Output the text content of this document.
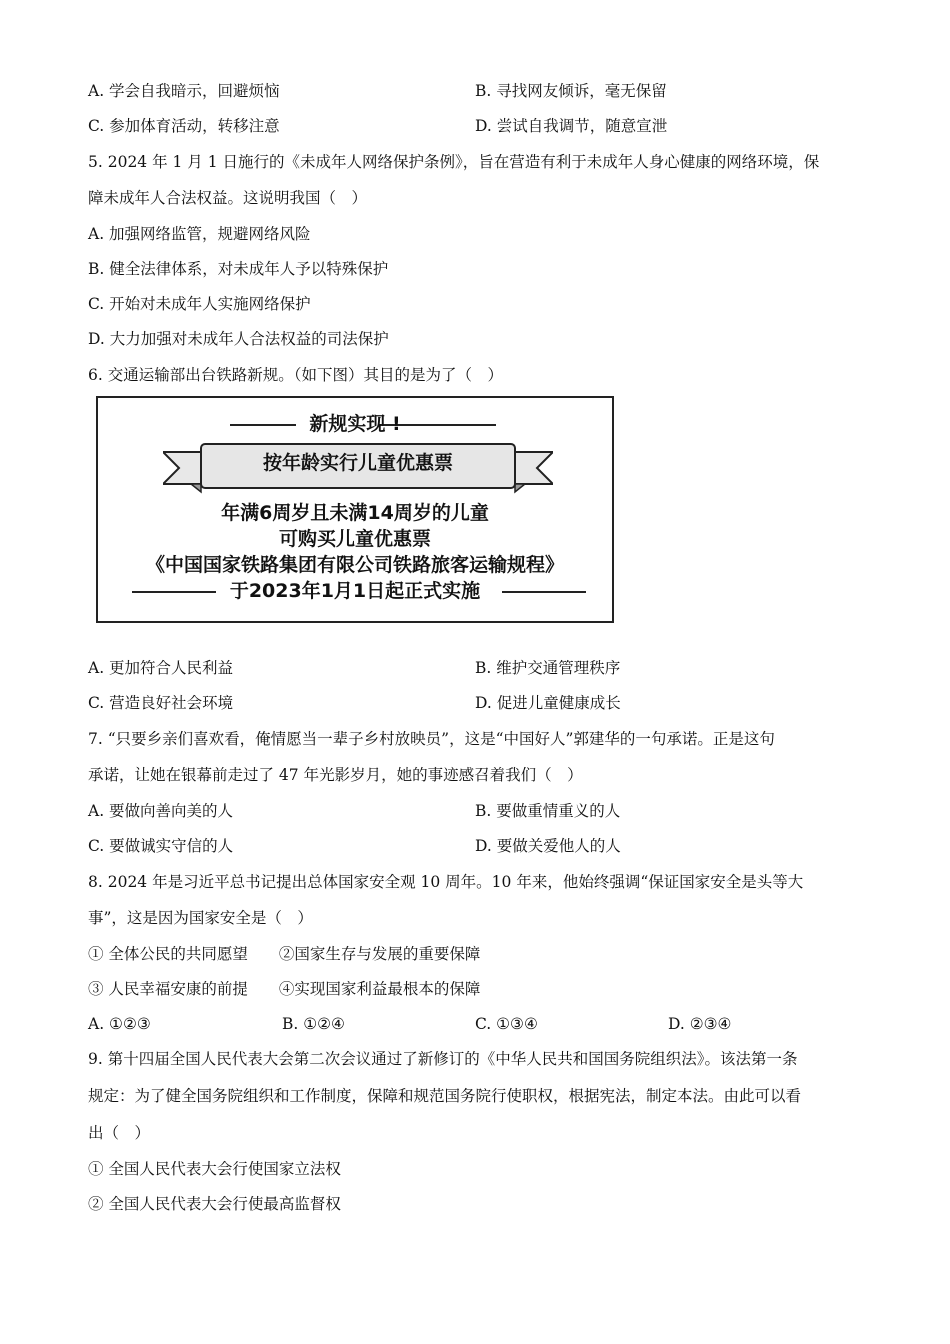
A. 学会自我暗示，回避烦恼	B. 寻找网友倾诉，毫无保留
C. 参加体育活动，转移注意	D. 尝试自我调节，随意宣泄
5. 2024 年 1 月 1 日施行的《未成年人网络保护条例》，旨在营造有利于未成年人身心健康的网络环境，保
障未成年人合法权益。这说明我国（　）
A. 加强网络监管，规避网络风险
B. 健全法律体系，对未成年人予以特殊保护
C. 开始对未成年人实施网络保护
D. 大力加强对未成年人合法权益的司法保护
6. 交通运输部出台铁路新规。（如下图）其目的是为了（　）
新规实现 !
按年龄实行儿童优惠票
年满6周岁且未满14周岁的儿童
可购买儿童优惠票
《中国国家铁路集团有限公司铁路旅客运输规程》
于2023年1月1日起正式实施
A. 更加符合人民利益	B. 维护交通管理秩序
C. 营造良好社会环境	D. 促进儿童健康成长
7. “只要乡亲们喜欢看，俺情愿当一辈子乡村放映员”，这是“中国好人”郭建华的一句承诺。正是这句
承诺，让她在银幕前走过了 47 年光影岁月，她的事迹感召着我们（　）
A. 要做向善向美的人	B. 要做重情重义的人
C. 要做诚实守信的人	D. 要做关爱他人的人
8. 2024 年是习近平总书记提出总体国家安全观 10 周年。10 年来，他始终强调“保证国家安全是头等大
事”，这是因为国家安全是（　）
① 全体公民的共同愿望　　②国家生存与发展的重要保障
③ 人民幸福安康的前提　　④实现国家利益最根本的保障
A. ①②③	B. ①②④	C. ①③④	D. ②③④
9. 第十四届全国人民代表大会第二次会议通过了新修订的《中华人民共和国国务院组织法》。该法第一条
规定：为了健全国务院组织和工作制度，保障和规范国务院行使职权，根据宪法，制定本法。由此可以看
出（　）
① 全国人民代表大会行使国家立法权
② 全国人民代表大会行使最高监督权
